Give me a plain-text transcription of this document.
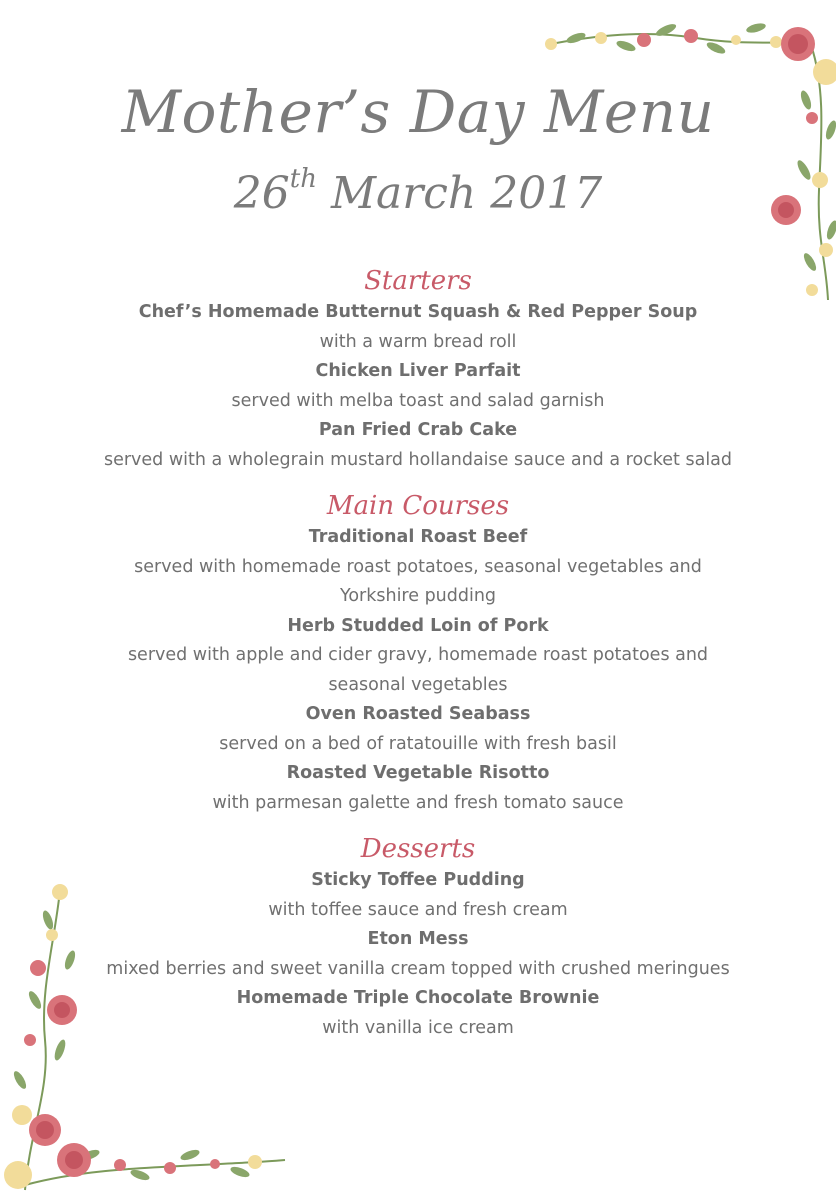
Mother’s Day Menu
26th March 2017
Starters

Chef’s Homemade Butternut Squash & Red Pepper Soup

with a warm bread roll

Chicken Liver Parfait

served with melba toast and salad garnish

Pan Fried Crab Cake

served with a wholegrain mustard hollandaise sauce and a rocket salad

Main Courses

Traditional Roast Beef

served with homemade roast potatoes, seasonal vegetables and Yorkshire pudding

Herb Studded Loin of Pork

served with apple and cider gravy, homemade roast potatoes and seasonal vegetables

Oven Roasted Seabass

served on a bed of ratatouille with fresh basil

Roasted Vegetable Risotto

with parmesan galette and fresh tomato sauce

Desserts

Sticky Toffee Pudding

with toffee sauce and fresh cream

Eton Mess

mixed berries and sweet vanilla cream topped with crushed meringues

Homemade Triple Chocolate Brownie

with vanilla ice cream
